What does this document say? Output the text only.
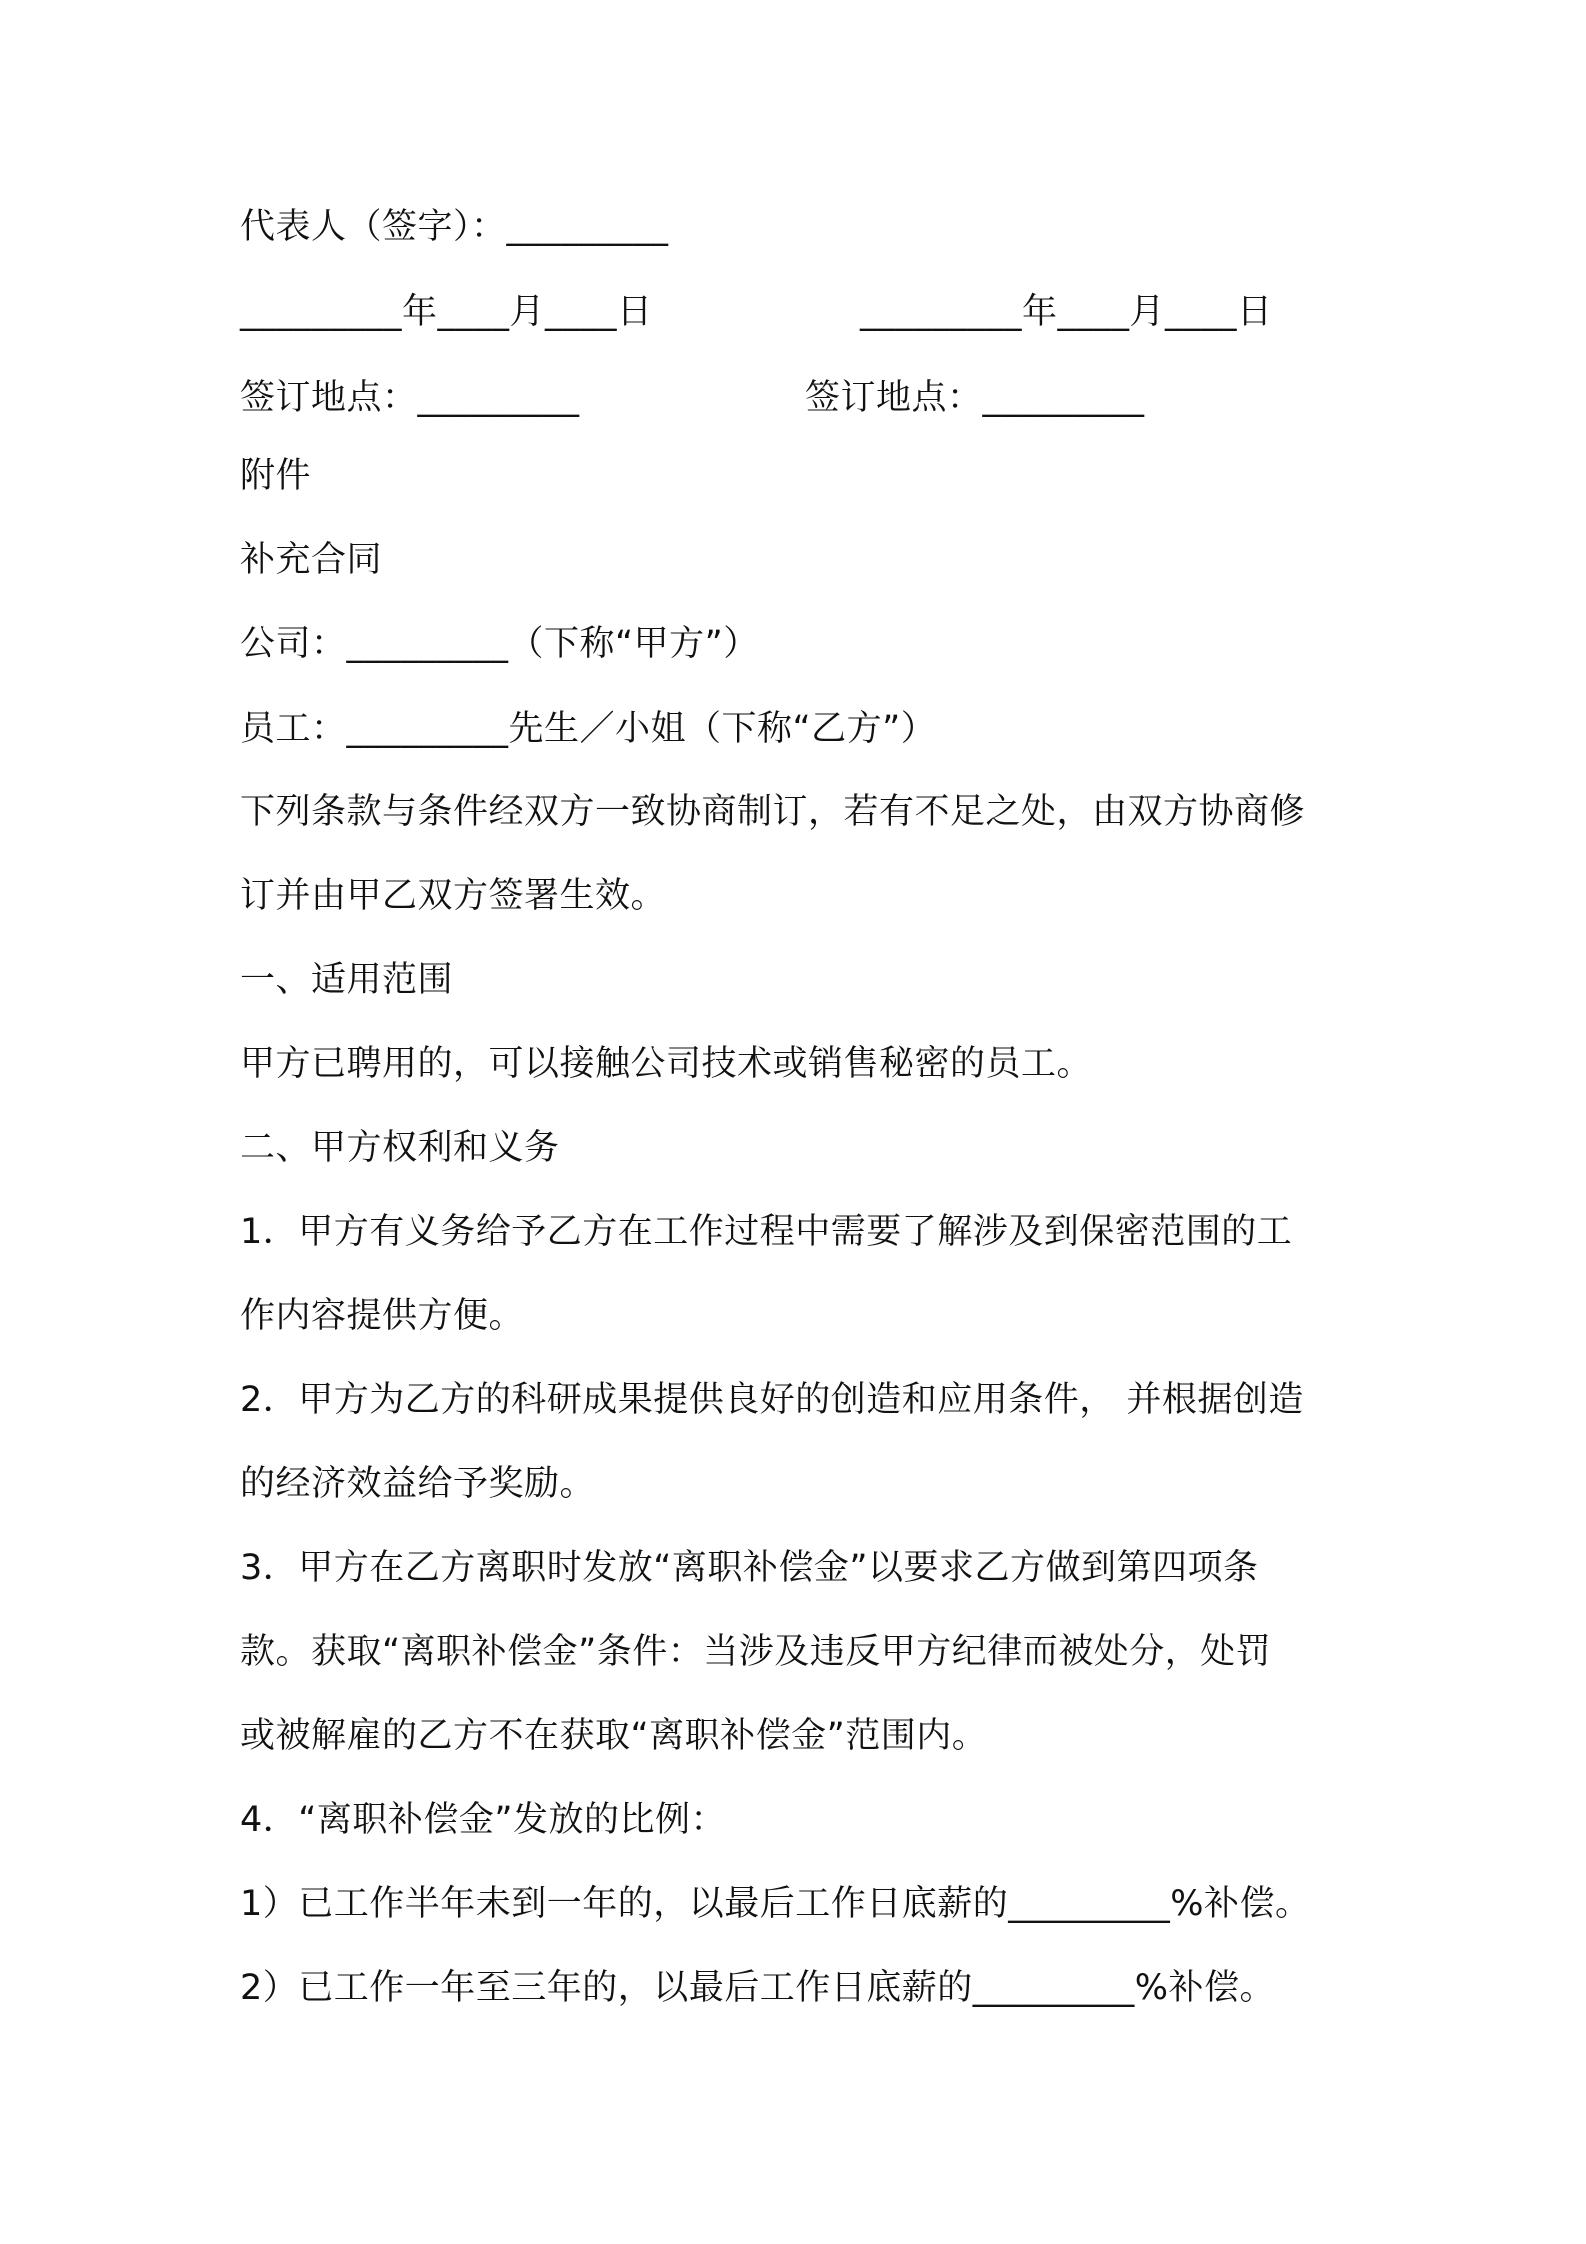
代表人（签字）：_________
_________年____月____日	_________年____月____日
签订地点：_________	签订地点：_________
附件
补充合同
公司：_________（下称“甲方”）
员工：_________先生／小姐（下称“乙方”）
下列条款与条件经双方一致协商制订，若有不足之处，由双方协商修
订并由甲乙双方签署生效。
一、适用范围
甲方已聘用的，可以接触公司技术或销售秘密的员工。
二、甲方权利和义务
1．甲方有义务给予乙方在工作过程中需要了解涉及到保密范围的工
作内容提供方便。
2．甲方为乙方的科研成果提供良好的创造和应用条件， 并根据创造
的经济效益给予奖励。
3．甲方在乙方离职时发放“离职补偿金”以要求乙方做到第四项条
款。获取“离职补偿金”条件：当涉及违反甲方纪律而被处分，处罚
或被解雇的乙方不在获取“离职补偿金”范围内。
4．“离职补偿金”发放的比例：
1）已工作半年未到一年的，以最后工作日底薪的_________%补偿。
2）已工作一年至三年的，以最后工作日底薪的_________%补偿。
